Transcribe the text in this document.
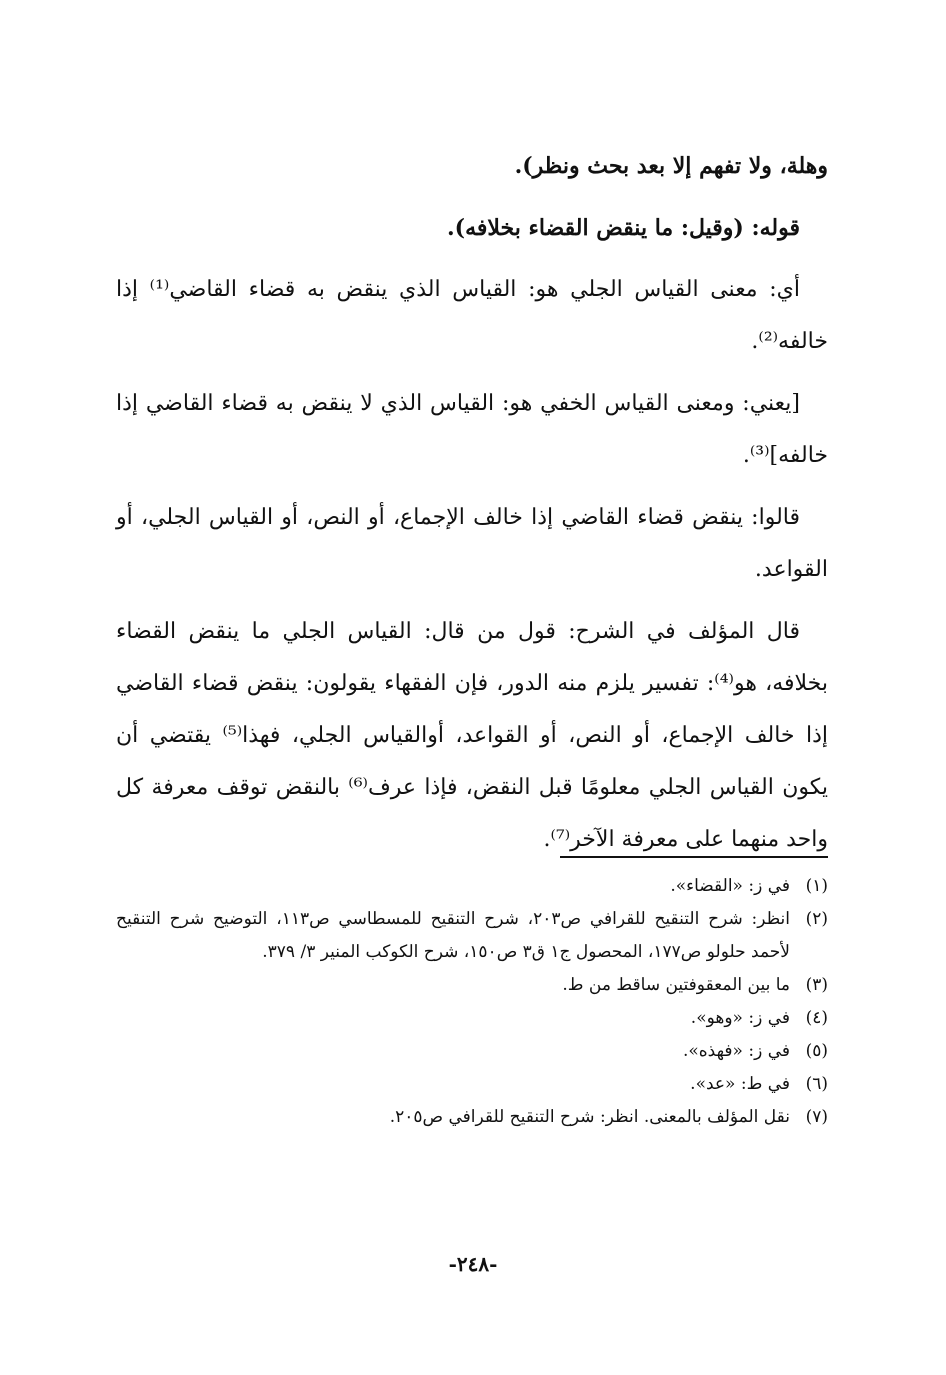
وهلة، ولا تفهم إلا بعد بحث ونظر).

قوله: (وقيل: ما ينقض القضاء بخلافه).

أي: معنى القياس الجلي هو: القياس الذي ينقض به قضاء القاضي⁽¹⁾ إذا خالفه⁽²⁾.

[يعني: ومعنى القياس الخفي هو: القياس الذي لا ينقض به قضاء القاضي إذا خالفه]⁽³⁾.

قالوا: ينقض قضاء القاضي إذا خالف الإجماع، أو النص، أو القياس الجلي، أو القواعد.

قال المؤلف في الشرح: قول من قال: القياس الجلي ما ينقض القضاء بخلافه، هو⁽⁴⁾: تفسير يلزم منه الدور، فإن الفقهاء يقولون: ينقض قضاء القاضي إذا خالف الإجماع، أو النص، أو القواعد، أوالقياس الجلي، فهذا⁽⁵⁾ يقتضي أن يكون القياس الجلي معلومًا قبل النقض، فإذا عرف⁽⁶⁾ بالنقض توقف معرفة كل واحد منهما على معرفة الآخر⁽⁷⁾.

(١)
في ز: «القضاء».

(٢)
انظر: شرح التنقيح للقرافي ص٢٠٣، شرح التنقيح للمسطاسي ص١١٣، التوضيح شرح التنقيح لأحمد حلولو ص١٧٧، المحصول ج١ ق٣ ص١٥٠، شرح الكوكب المنير ٣/ ٣٧٩.

(٣)
ما بين المعقوفتين ساقط من ط.

(٤)
في ز: «وهو».

(٥)
في ز: «فهذه».

(٦)
في ط: «عد».

(٧)
نقل المؤلف بالمعنى. انظر: شرح التنقيح للقرافي ص٢٠٥.

-٢٤٨-
